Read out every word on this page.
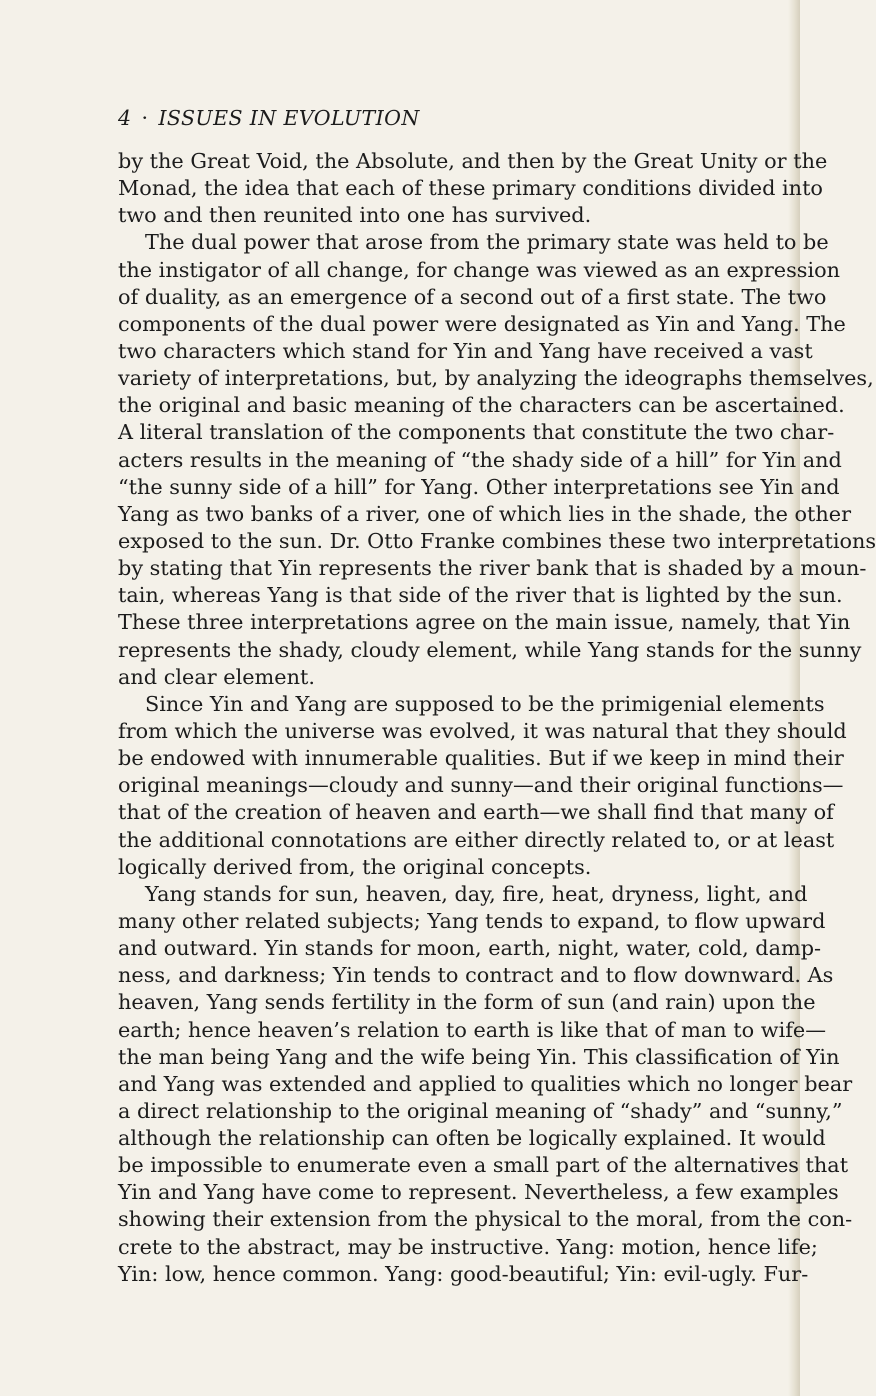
4 · ISSUES IN EVOLUTION
by the Great Void, the Absolute, and then by the Great Unity or the
Monad, the idea that each of these primary conditions divided into
two and then reunited into one has survived.
The dual power that arose from the primary state was held to be
the instigator of all change, for change was viewed as an expression
of duality, as an emergence of a second out of a first state. The two
components of the dual power were designated as Yin and Yang. The
two characters which stand for Yin and Yang have received a vast
variety of interpretations, but, by analyzing the ideographs themselves,
the original and basic meaning of the characters can be ascertained.
A literal translation of the components that constitute the two char-
acters results in the meaning of “the shady side of a hill” for Yin and
“the sunny side of a hill” for Yang. Other interpretations see Yin and
Yang as two banks of a river, one of which lies in the shade, the other
exposed to the sun. Dr. Otto Franke combines these two interpretations
by stating that Yin represents the river bank that is shaded by a moun-
tain, whereas Yang is that side of the river that is lighted by the sun.
These three interpretations agree on the main issue, namely, that Yin
represents the shady, cloudy element, while Yang stands for the sunny
and clear element.
Since Yin and Yang are supposed to be the primigenial elements
from which the universe was evolved, it was natural that they should
be endowed with innumerable qualities. But if we keep in mind their
original meanings—cloudy and sunny—and their original functions—
that of the creation of heaven and earth—we shall find that many of
the additional connotations are either directly related to, or at least
logically derived from, the original concepts.
Yang stands for sun, heaven, day, fire, heat, dryness, light, and
many other related subjects; Yang tends to expand, to flow upward
and outward. Yin stands for moon, earth, night, water, cold, damp-
ness, and darkness; Yin tends to contract and to flow downward. As
heaven, Yang sends fertility in the form of sun (and rain) upon the
earth; hence heaven’s relation to earth is like that of man to wife—
the man being Yang and the wife being Yin. This classification of Yin
and Yang was extended and applied to qualities which no longer bear
a direct relationship to the original meaning of “shady” and “sunny,”
although the relationship can often be logically explained. It would
be impossible to enumerate even a small part of the alternatives that
Yin and Yang have come to represent. Nevertheless, a few examples
showing their extension from the physical to the moral, from the con-
crete to the abstract, may be instructive. Yang: motion, hence life;
Yin: low, hence common. Yang: good-beautiful; Yin: evil-ugly. Fur-
